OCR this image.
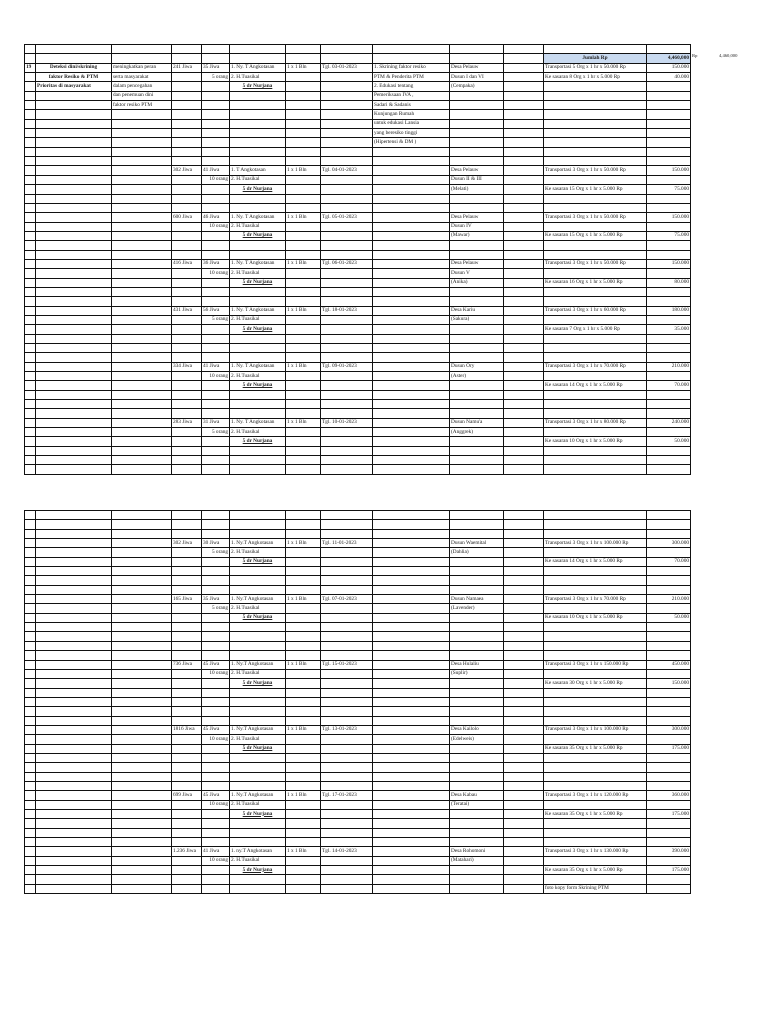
											Jumlah Rp	4,460,000
19	Deteksi dini/skrining	meningkatkan peran	241 Jiwa	35 Jiwa	1. Ny. T Angkotasan	1 x 1 Bln	Tgl. 03-01-2023	1. Skrining faktor resiko	Desa Pelauw		Transportasi 5 Org x 1 hr x 50.000 Rp	150.000
	faktor Resiko & PTM	serta masyarakat		5 orang	2. H.Tuasikal			PTM & Penderita PTM	Dusun I dan VI		Ke sasaran 8 Org x 1 hr x 5.000 Rp	40.000
	Prioritas di masyarakat	dalam pencegahan			5 dr Nurjana			2. Edukasi tentang	(Cempaka)			
		dan penemuan dini						Pemeriksaan IVA ,				
		faktor resiko PTM						Sadari & Sadanis				
								Kunjungan Rumah				
								untuk edukasi Lansia				
								yang beresiko tinggi				
								(Hipertensi & DM )				

			302 Jiwa	41 Jiwa	1. T Angkotasan	1 x 1 Bln	Tgl. 04-01-2023		Desa Pelauw		Transportasi 3 Org x 1 hr x 50.000 Rp	150.000
				10 orang	2. H.Tuasikal				Dusun II & III			
					5 dr Nurjana				(Melati)		Ke sasaran 15 Org x 1 hr x 5.000 Rp	75.000

			600 Jiwa	46 Jiwa	1. Ny. T Angkotasan	1 x 1 Bln	Tgl. 05-01-2023		Desa Pelauw		Transportasi 3 Org x 1 hr x 50.000 Rp	150.000
				10 orang	2. H.Tuasikal				Dusun IV			
					5 dr Nurjana				(Mawar)		Ke sasaran 15 Org x 1 hr x 5.000 Rp	75.000

			416 Jiwa	36 Jiwa	1. Ny. T Angkotasan	1 x 1 Bln	Tgl. 06-01-2023		Desa Pelauw		Transportasi 3 Org x 1 hr x 50.000 Rp	150.000
				10 orang	2. H.Tuasikal				Dusun V			
					5 dr Nurjana				(Anika)		Ke sasaran 16 Org x 1 hr x 5.000 Rp	80.000

			431 Jiwa	56 Jiwa	1. Ny. T Angkotasan	1 x 1 Bln	Tgl. 18-01-2023		Desa Kariu		Transportasi 3 Org x 1 hr x 60.000 Rp	180.000
				5 orang	2. H.Tuasikal				(Sakura)			
					5 dr Nurjana						Ke sasaran 7 Org x 1 hr x 5.000 Rp	35.000

			334 Jiwa	41 Jiwa	1. Ny. T Angkotasan	1 x 1 Bln	Tgl. 09-01-2023		Dusun Ory		Transportasi 3 Org x 1 hr x 70.000 Rp	210.000
				10 orang	2. H.Tuasikal				(Aster)			
					5 dr Nurjana						Ke sasaran 14 Org x 1 hr x 5.000 Rp	70.000

			283 Jiwa	31 Jiwa	1. Ny. T Angkotasan	1 x 1 Bln	Tgl. 10-01-2023		Dusun Namu'a		Transportasi 3 Org x 1 hr x 80.000 Rp	240.000
				5 orang	2. H.Tuasikal				(Anggrek)			
					5 dr Nurjana						Ke sasaran 10 Org x 1 hr x 5.000 Rp	50.000

Rp	4,460,000

			302 Jiwa	30 Jiwa	1. Ny.T Angkotasan	1 x 1 Bln	Tgl. 11-01-2023		Dusun Waemital		Transportasi 3 Org x 1 hr x 100.000 Rp	300.000
				5 orang	2. H.Tuasikal				(Dahlia)			
					5 dr Nurjana						Ke sasaran 14 Org x 1 hr x 5.000 Rp	70.000

			165 Jiwa	35 Jiwa	1. Ny.T Angkotasan	1 x 1 Bln	Tgl. 07-01-2023		Dusun Namaea		Transportasi 3 Org x 1 hr x 70.000 Rp	210.000
				5 orang	2. H.Tuasikal				(Lavender)			
					5 dr Nurjana						Ke sasaran 10 Org x 1 hr x 5.000 Rp	50.000

			736 Jiwa	45 Jiwa	1. Ny.T Angkotasan	1 x 1 Bln	Tgl. 15-01-2023		Desa Hulaliu		Transportasi 3 Org x 1 hr x 150.000 Rp	450.000
				10 orang	2. H.Tuasikal				(Suplir)			
					5 dr Nurjana						Ke sasaran 30 Org x 1 hr x 5.000 Rp	150.000

			1816 Jiwa	45 Jiwa	1. Ny.T Angkotasan	1 x 1 Bln	Tgl. 13-01-2023		Desa Kailolo		Transportasi 3 Org x 1 hr x 100.000 Rp	300.000
				10 orang	2. H.Tuasikal				(Edelweis)			
					5 dr Nurjana						Ke sasaran 35 Org x 1 hr x 5.000 Rp	175.000

			699 Jiwa	45 Jiwa	1. Ny.T Angkotasan	1 x 1 Bln	Tgl. 17-01-2023		Desa Kabau		Transportasi 3 Org x 1 hr x 120.000 Rp	360.000
				10 orang	2. H.Tuasikal				(Teratai)			
					5 dr Nurjana						Ke sasaran 35 Org x 1 hr x 5.000 Rp	175.000

			1.236 Jiwa	41 Jiwa	1. ny.T Angkotasan	1 x 1 Bln	Tgl. 14-01-2023		Desa Rohomoni		Transportasi 3 Org x 1 hr x 130.000 Rp	390.000
				10 orang	2. H.Tuasikal				(Matahari)			
					5 dr Nurjana						Ke sasaran 35 Org x 1 hr x 5.000 Rp	175.000

											foto kopy form Skrining PTM	
